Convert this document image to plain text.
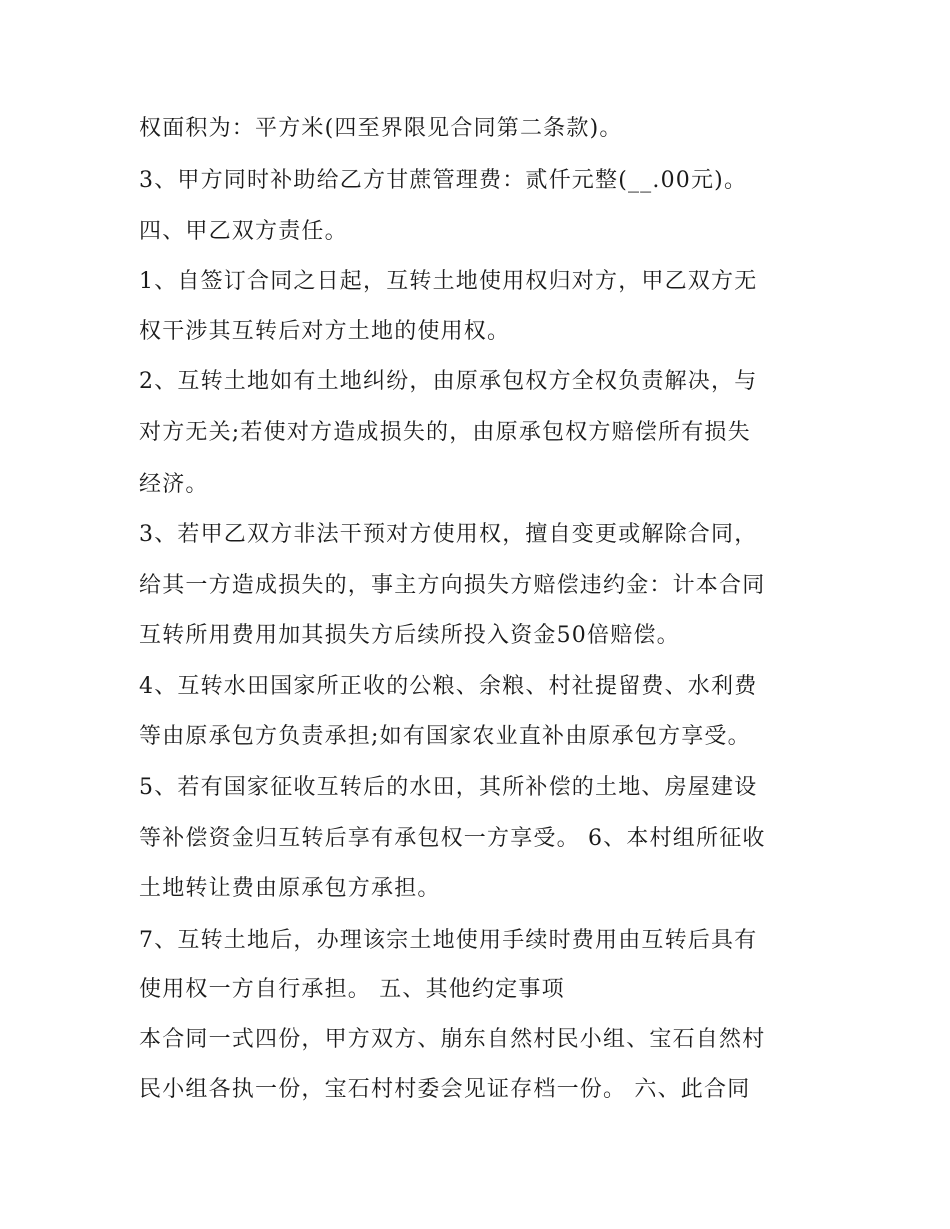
权面积为：平方米(四至界限见合同第二条款)。
3、甲方同时补助给乙方甘蔗管理费：贰仟元整(__.00元)。
四、甲乙双方责任。
1、自签订合同之日起，互转土地使用权归对方，甲乙双方无
权干涉其互转后对方土地的使用权。
2、互转土地如有土地纠纷，由原承包权方全权负责解决，与
对方无关;若使对方造成损失的，由原承包权方赔偿所有损失
经济。
3、若甲乙双方非法干预对方使用权，擅自变更或解除合同，
给其一方造成损失的，事主方向损失方赔偿违约金：计本合同
互转所用费用加其损失方后续所投入资金50倍赔偿。
4、互转水田国家所正收的公粮、余粮、村社提留费、水利费
等由原承包方负责承担;如有国家农业直补由原承包方享受。
5、若有国家征收互转后的水田，其所补偿的土地、房屋建设
等补偿资金归互转后享有承包权一方享受。 6、本村组所征收
土地转让费由原承包方承担。
7、互转土地后，办理该宗土地使用手续时费用由互转后具有
使用权一方自行承担。 五、其他约定事项
本合同一式四份，甲方双方、崩东自然村民小组、宝石自然村
民小组各执一份，宝石村村委会见证存档一份。 六、此合同
